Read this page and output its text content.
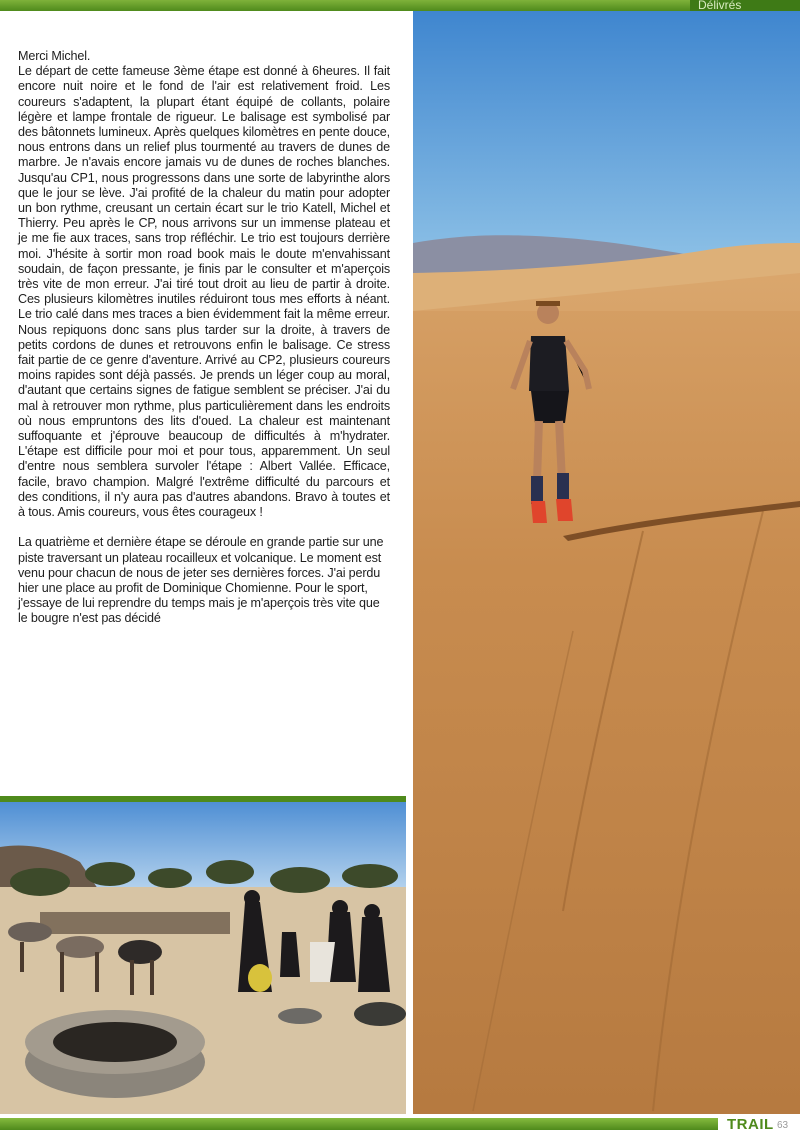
Délivrés

Merci Michel.

Le départ de cette fameuse 3ème étape est donné à 6heures. Il fait encore nuit noire et le fond de l'air est relativement froid. Les coureurs s'adaptent, la plupart étant équipé de collants, polaire légère et lampe frontale de rigueur. Le balisage est symbolisé par des bâtonnets lumineux. Après quelques kilomètres en pente douce, nous entrons dans un relief plus tourmenté au travers de dunes de marbre. Je n'avais encore jamais vu de dunes de roches blanches. Jusqu'au CP1, nous progressons dans une sorte de labyrinthe alors que le jour se lève. J'ai profité de la chaleur du matin pour adopter un bon rythme, creusant un certain écart sur le trio Katell, Michel et Thierry. Peu après le CP, nous arrivons sur un immense plateau et je me fie aux traces, sans trop réfléchir. Le trio est toujours derrière moi. J'hésite à sortir mon road book mais le doute m'envahissant soudain, de façon pressante, je finis par le consulter et m'aperçois très vite de mon erreur. J'ai tiré tout droit au lieu de partir à droite. Ces plusieurs kilomètres inutiles réduiront tous mes efforts à néant. Le trio calé dans mes traces a bien évidemment fait la même erreur. Nous repiquons donc sans plus tarder sur la droite, à travers de petits cordons de dunes et retrouvons enfin le balisage. Ce stress fait partie de ce genre d'aventure. Arrivé au CP2, plusieurs coureurs moins rapides sont déjà passés. Je prends un léger coup au moral, d'autant que certains signes de fatigue semblent se préciser. J'ai du mal à retrouver mon rythme, plus particulièrement dans les endroits où nous empruntons des lits d'oued. La chaleur est maintenant suffoquante et j'éprouve beaucoup de difficultés à m'hydrater. L'étape est difficile pour moi et pour tous, apparemment. Un seul d'entre nous semblera survoler l'étape : Albert Vallée. Efficace, facile, bravo champion. Malgré l'extrême difficulté du parcours et des conditions, il n'y aura pas d'autres abandons. Bravo à toutes et à tous. Amis coureurs, vous êtes courageux !

La quatrième et dernière étape se déroule en grande partie sur une piste traversant un plateau rocailleux et volcanique. Le moment est venu pour chacun de nous de jeter ses dernières forces. J'ai perdu hier une place au profit de Dominique Chomienne. Pour le sport, j'essaye de lui reprendre du temps mais je m'aperçois très vite que le bougre n'est pas décidé

TRAIL 63
